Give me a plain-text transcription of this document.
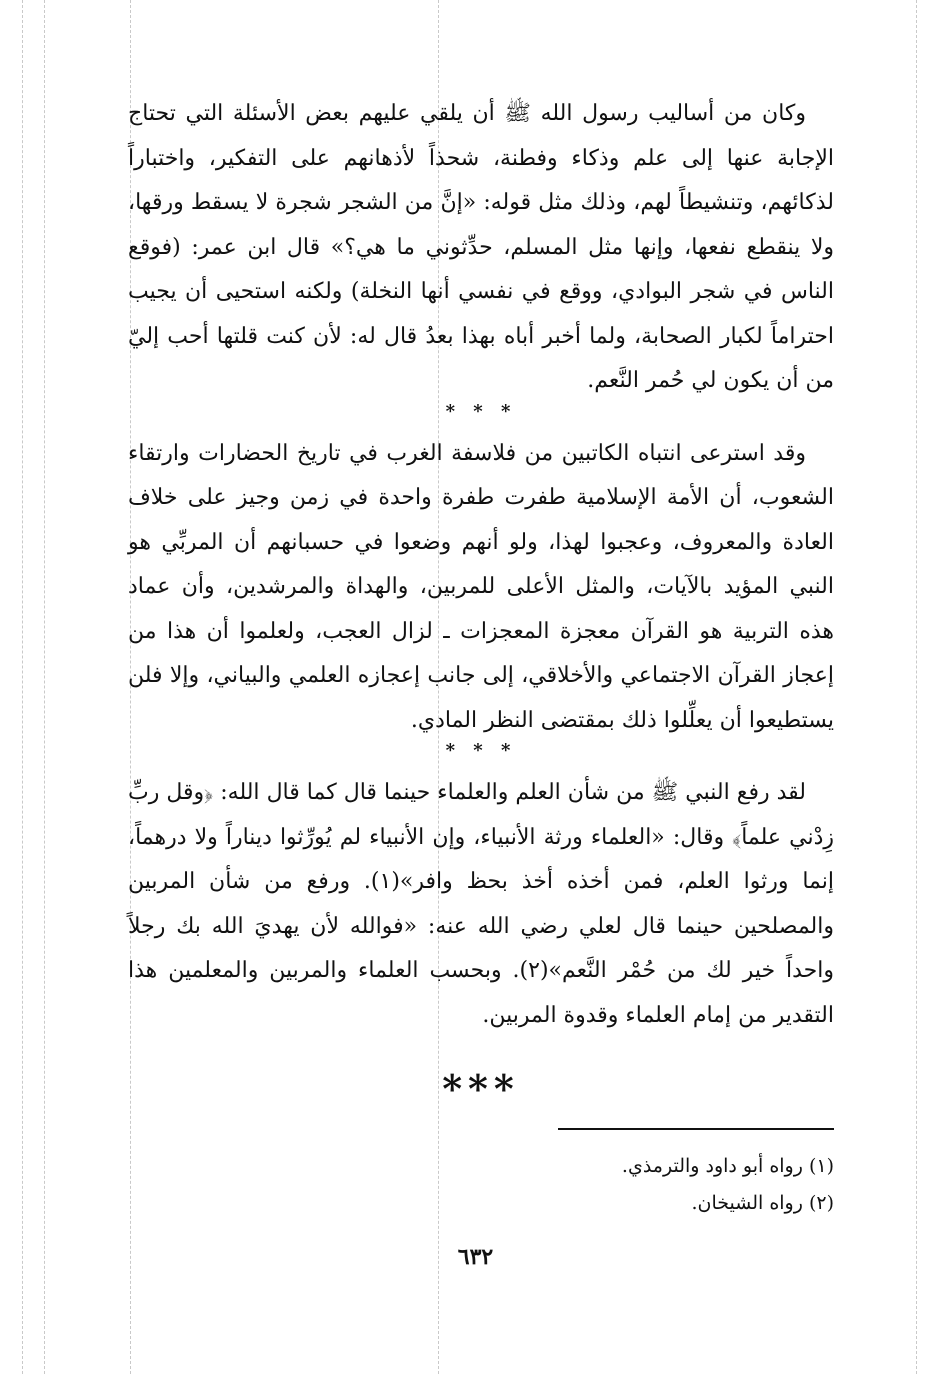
وكان من أساليب رسول الله ﷺ أن يلقي عليهم بعض الأسئلة التي تحتاج الإجابة عنها إلى علم وذكاء وفطنة، شحذاً لأذهانهم على التفكير، واختباراً لذكائهم، وتنشيطاً لهم، وذلك مثل قوله: «إنَّ من الشجر شجرة لا يسقط ورقها، ولا ينقطع نفعها، وإنها مثل المسلم، حدِّثوني ما هي؟» قال ابن عمر: (فوقع الناس في شجر البوادي، ووقع في نفسي أنها النخلة) ولكنه استحيى أن يجيب احتراماً لكبار الصحابة، ولما أخبر أباه بهذا بعدُ قال له: لأن كنت قلتها أحب إليّ من أن يكون لي حُمر النَّعم.

* * *

وقد استرعى انتباه الكاتبين من فلاسفة الغرب في تاريخ الحضارات وارتقاء الشعوب، أن الأمة الإسلامية طفرت طفرة واحدة في زمن وجيز على خلاف العادة والمعروف، وعجبوا لهذا، ولو أنهم وضعوا في حسبانهم أن المربِّي هو النبي المؤيد بالآيات، والمثل الأعلى للمربين، والهداة والمرشدين، وأن عماد هذه التربية هو القرآن معجزة المعجزات ـ لزال العجب، ولعلموا أن هذا من إعجاز القرآن الاجتماعي والأخلاقي، إلى جانب إعجازه العلمي والبياني، وإلا فلن يستطيعوا أن يعلِّلوا ذلك بمقتضى النظر المادي.

* * *

لقد رفع النبي ﷺ من شأن العلم والعلماء حينما قال كما قال الله: ﴿وقل ربِّ زِدْني علماً﴾ وقال: «العلماء ورثة الأنبياء، وإن الأنبياء لم يُورِّثوا ديناراً ولا درهماً، إنما ورثوا العلم، فمن أخذه أخذ بحظ وافر»(١). ورفع من شأن المربين والمصلحين حينما قال لعلي رضي الله عنه: «فوالله لأن يهديَ الله بك رجلاً واحداً خير لك من حُمْر النَّعم»(٢). وبحسب العلماء والمربين والمعلمين هذا التقدير من إمام العلماء وقدوة المربين.

***
(١) رواه أبو داود والترمذي.
(٢) رواه الشيخان.
٦٣٢
